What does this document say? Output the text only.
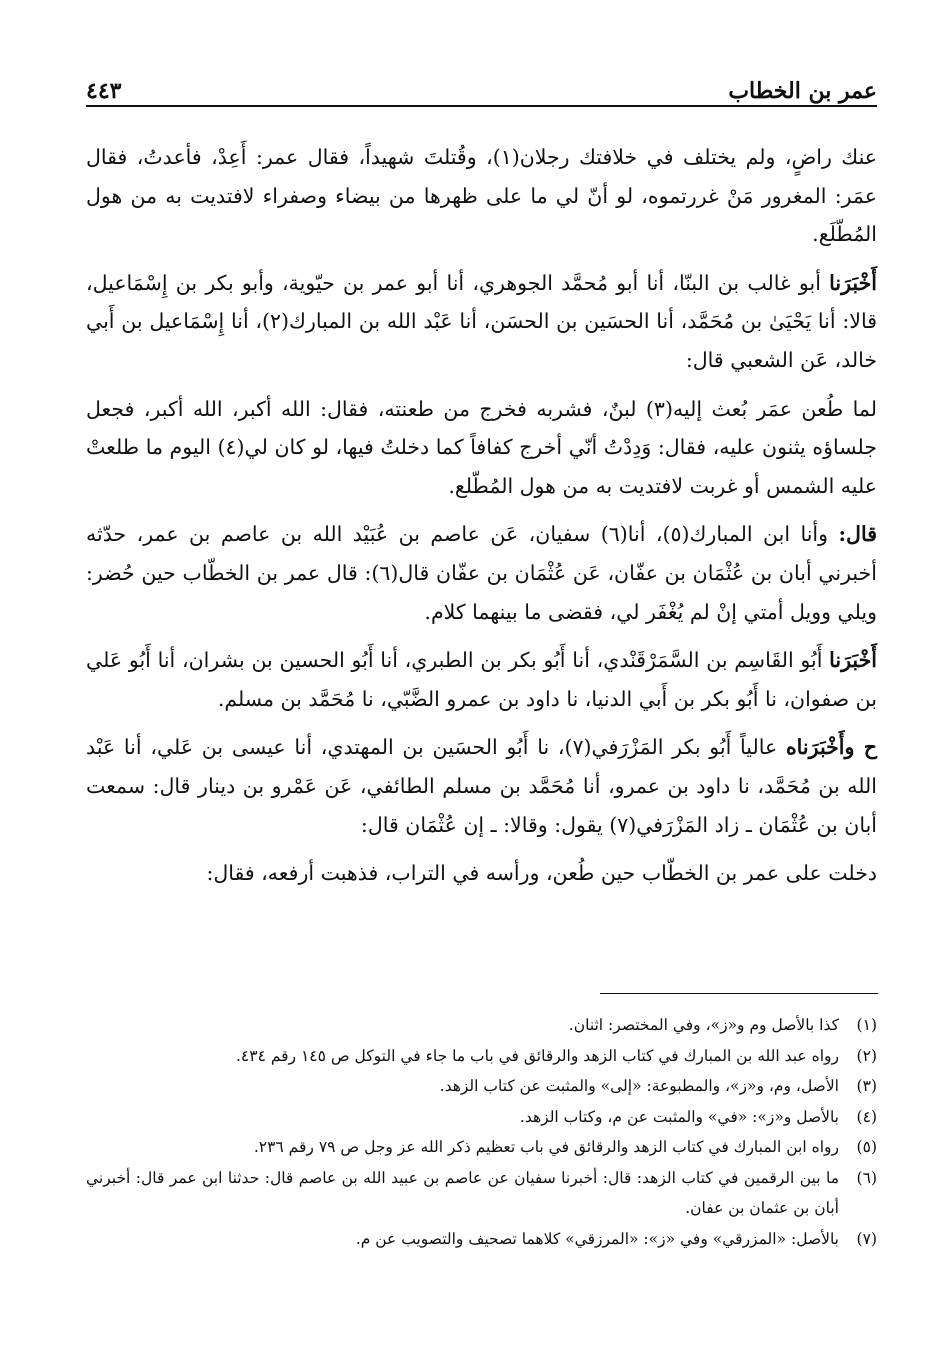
عمر بن الخطاب
٤٤٣

عنك راضٍ، ولم يختلف في خلافتك رجلان(١)، وقُتلتَ شهيداً، فقال عمر: أَعِدْ، فأعدتُ، فقال عمَر: المغرور مَنْ غررتموه، لو أنّ لي ما على ظهرها من بيضاء وصفراء لافتديت به من هول المُطّلَع.

أَخْبَرَنا أبو غالب بن البنّا، أنا أبو مُحمَّد الجوهري، أنا أبو عمر بن حيّوية، وأبو بكر بن إِسْمَاعيل، قالا: أنا يَحْيَىٰ بن مُحَمَّد، أنا الحسَين بن الحسَن، أنا عَبْد الله بن المبارك(٢)، أنا إِسْمَاعيل بن أَبي خالد، عَن الشعبي قال:

لما طُعن عمَر بُعث إليه(٣) لبنٌ، فشربه فخرج من طعنته، فقال: الله أكبر، الله أكبر، فجعل جلساؤه يثنون عليه، فقال: وَدِدْتُ أنّي أخرج كفافاً كما دخلتُ فيها، لو كان لي(٤) اليوم ما طلعتْ عليه الشمس أو غربت لافتديت به من هول المُطّلع.

قال: وأنا ابن المبارك(٥)، أنا(٦) سفيان، عَن عاصم بن عُبَيْد الله بن عاصم بن عمر، حدّثه أخبرني أبان بن عُثْمَان بن عفّان، عَن عُثْمَان بن عفّان قال(٦): قال عمر بن الخطّاب حين حُضر: ويلي وويل أمتي إنْ لم يُغْفَر لي، فقضى ما بينهما كلام.

أَخْبَرَنا أَبُو القَاسِم بن السَّمَرْقَنْدي، أنا أَبُو بكر بن الطبري، أنا أَبُو الحسين بن بشران، أنا أَبُو عَلي بن صفوان، نا أَبُو بكر بن أَبي الدنيا، نا داود بن عمرو الضَّبّي، نا مُحَمَّد بن مسلم.

ح وأَخْبَرَناه عالياً أَبُو بكر المَزْرَفي(٧)، نا أَبُو الحسَين بن المهتدي، أنا عيسى بن عَلي، أنا عَبْد الله بن مُحَمَّد، نا داود بن عمرو، أنا مُحَمَّد بن مسلم الطائفي، عَن عَمْرو بن دينار قال: سمعت أبان بن عُثْمَان ـ زاد المَزْرَفي(٧) يقول: وقالا: ـ إن عُثْمَان قال:

دخلت على عمر بن الخطّاب حين طُعن، ورأسه في التراب، فذهبت أرفعه، فقال:

(١)
كذا بالأصل وم و«ز»، وفي المختصر: اثنان.
(٢)
رواه عبد الله بن المبارك في كتاب الزهد والرقائق في باب ما جاء في التوكل ص ١٤٥ رقم ٤٣٤.
(٣)
الأصل، وم، و«ز»، والمطبوعة: «إلى» والمثبت عن كتاب الزهد.
(٤)
بالأصل و«ز»: «في» والمثبت عن م، وكتاب الزهد.
(٥)
رواه ابن المبارك في كتاب الزهد والرقائق في باب تعظيم ذكر الله عز وجل ص ٧٩ رقم ٢٣٦.
(٦)
ما بين الرقمين في كتاب الزهد: قال: أخبرنا سفيان عن عاصم بن عبيد الله بن عاصم قال: حدثنا ابن عمر قال: أخبرني أبان بن عثمان بن عفان.
(٧)
بالأصل: «المزرقي» وفي «ز»: «المرزقي» كلاهما تصحيف والتصويب عن م.
